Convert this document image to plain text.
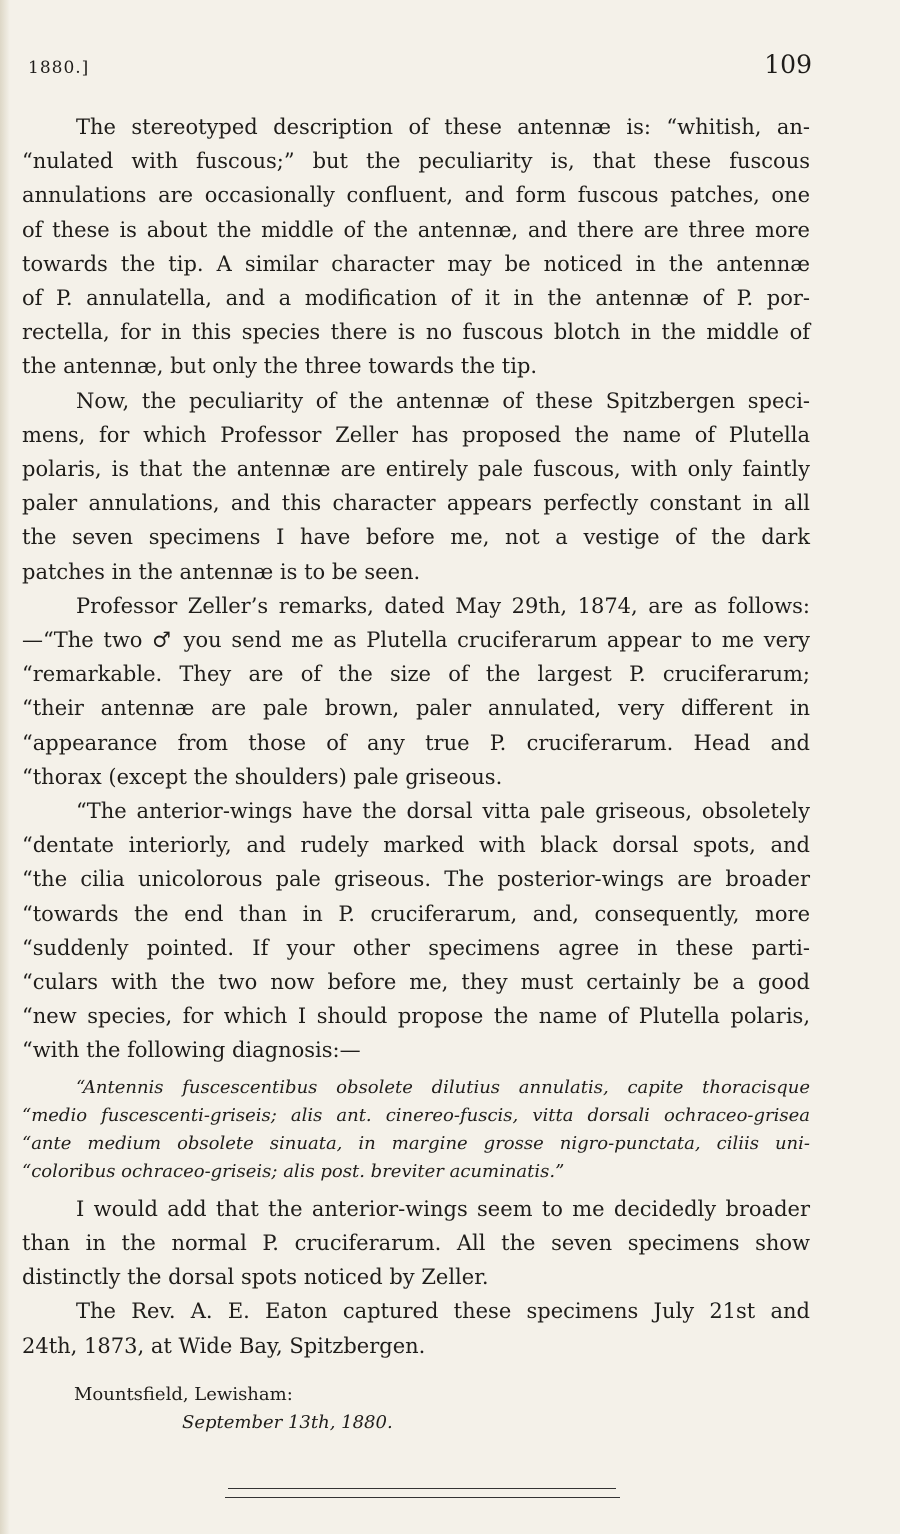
1880.]	109

The stereotyped description of these antennæ is: “whitish, an-

“nulated with fuscous;” but the peculiarity is, that these fuscous

annulations are occasionally confluent, and form fuscous patches, one

of these is about the middle of the antennæ, and there are three more

towards the tip. A similar character may be noticed in the antennæ

of P. annulatella, and a modification of it in the antennæ of P. por-

rectella, for in this species there is no fuscous blotch in the middle of

the antennæ, but only the three towards the tip.

Now, the peculiarity of the antennæ of these Spitzbergen speci-

mens, for which Professor Zeller has proposed the name of Plutella

polaris, is that the antennæ are entirely pale fuscous, with only faintly

paler annulations, and this character appears perfectly constant in all

the seven specimens I have before me, not a vestige of the dark

patches in the antennæ is to be seen.

Professor Zeller’s remarks, dated May 29th, 1874, are as follows:

—“The two ♂ you send me as Plutella cruciferarum appear to me very

“remarkable. They are of the size of the largest P. cruciferarum;

“their antennæ are pale brown, paler annulated, very different in

“appearance from those of any true P. cruciferarum. Head and

“thorax (except the shoulders) pale griseous.

“The anterior-wings have the dorsal vitta pale griseous, obsoletely

“dentate interiorly, and rudely marked with black dorsal spots, and

“the cilia unicolorous pale griseous. The posterior-wings are broader

“towards the end than in P. cruciferarum, and, consequently, more

“suddenly pointed. If your other specimens agree in these parti-

“culars with the two now before me, they must certainly be a good

“new species, for which I should propose the name of Plutella polaris,

“with the following diagnosis:—

“Antennis fuscescentibus obsolete dilutius annulatis, capite thoracisque

“medio fuscescenti-griseis; alis ant. cinereo-fuscis, vitta dorsali ochraceo-grisea

“ante medium obsolete sinuata, in margine grosse nigro-punctata, ciliis uni-

“coloribus ochraceo-griseis; alis post. breviter acuminatis.”

I would add that the anterior-wings seem to me decidedly broader

than in the normal P. cruciferarum. All the seven specimens show

distinctly the dorsal spots noticed by Zeller.

The Rev. A. E. Eaton captured these specimens July 21st and

24th, 1873, at Wide Bay, Spitzbergen.

Mountsfield, Lewisham:
September 13th, 1880.
